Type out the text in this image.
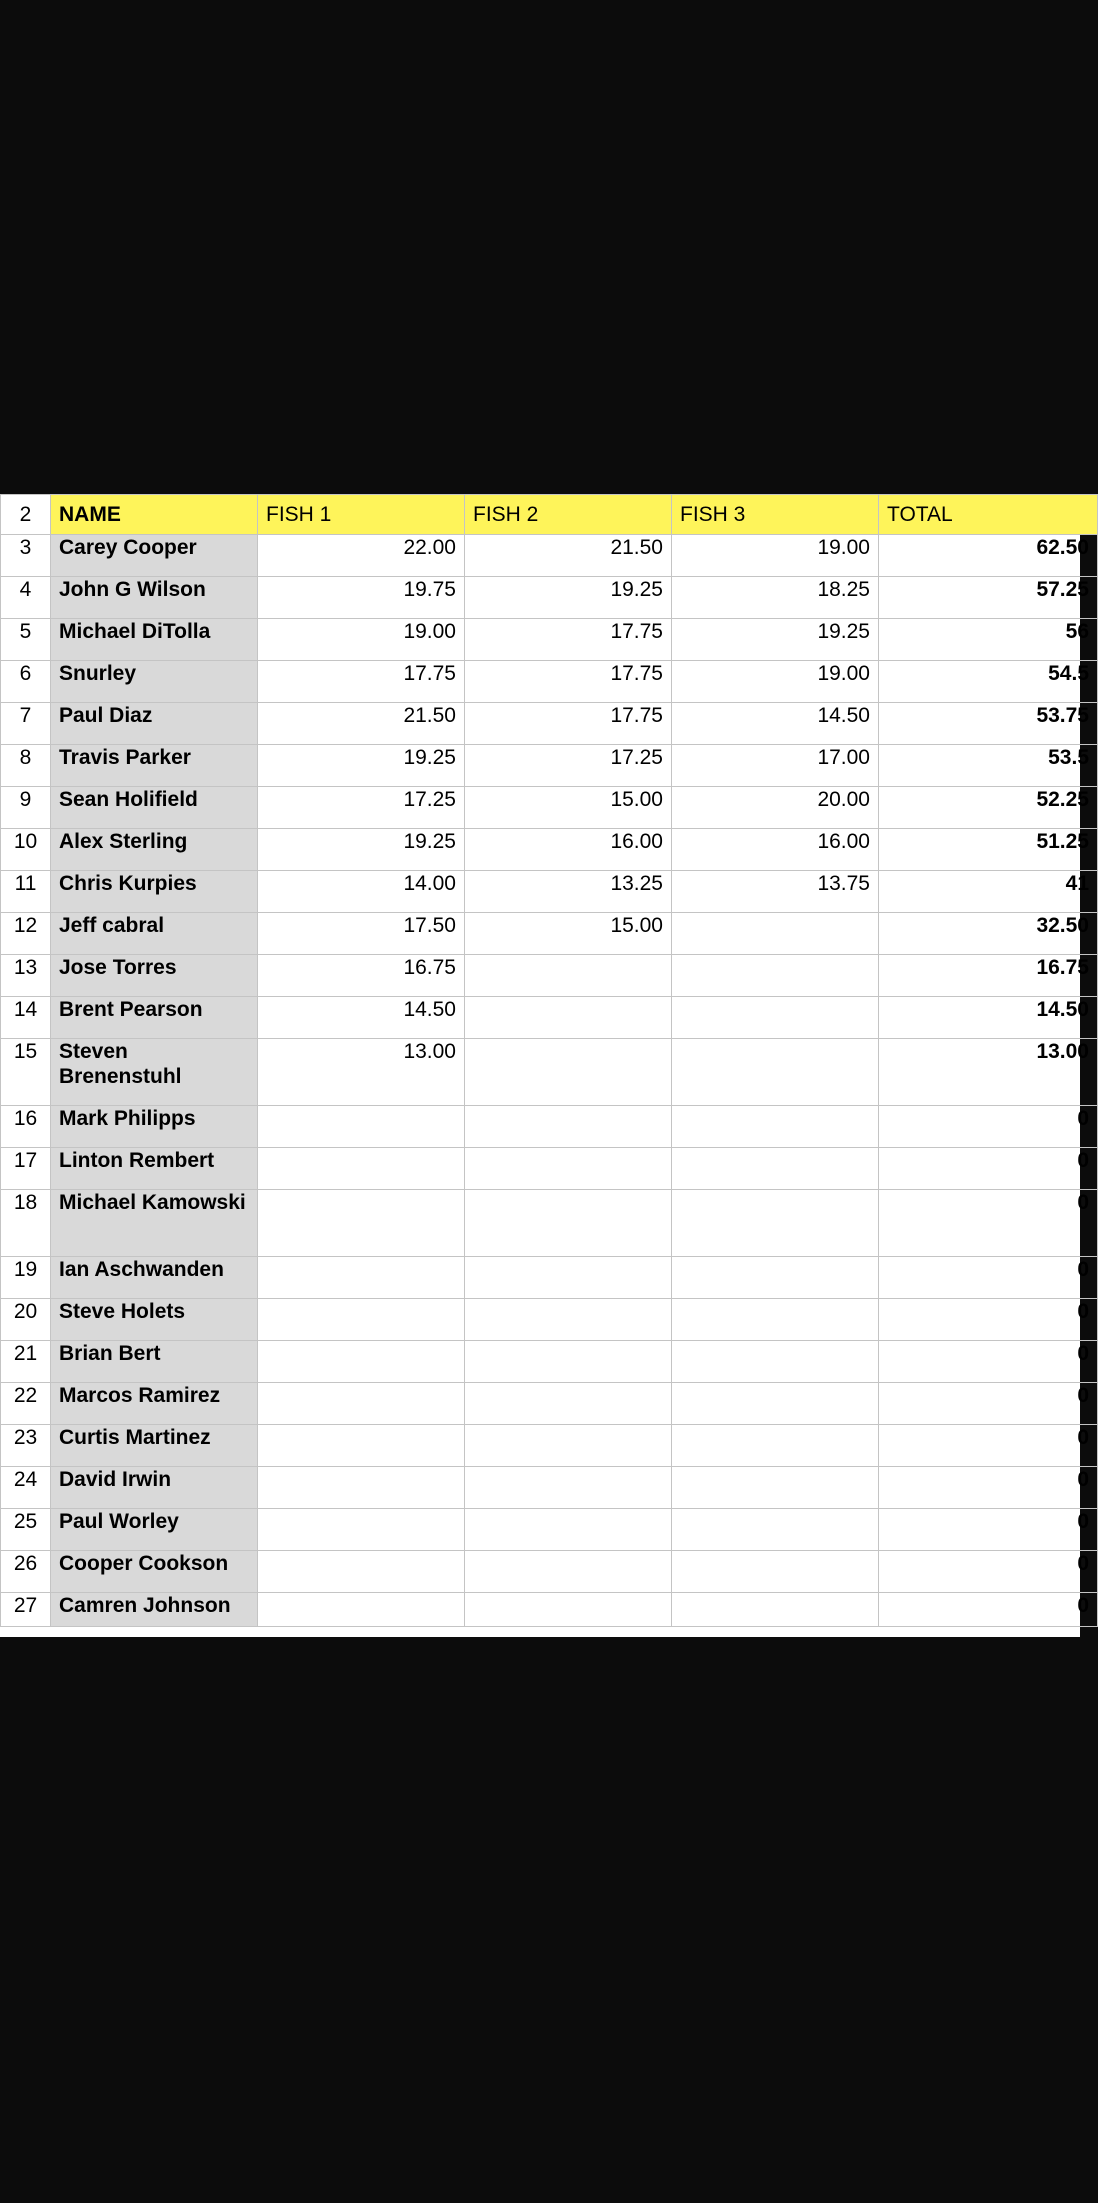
2	NAME	FISH 1	FISH 2	FISH 3	TOTAL
3	Carey Cooper	22.00	21.50	19.00	62.50
4	John G Wilson	19.75	19.25	18.25	57.25
5	Michael DiTolla	19.00	17.75	19.25	56
6	Snurley	17.75	17.75	19.00	54.5
7	Paul Diaz	21.50	17.75	14.50	53.75
8	Travis Parker	19.25	17.25	17.00	53.5
9	Sean Holifield	17.25	15.00	20.00	52.25
10	Alex Sterling	19.25	16.00	16.00	51.25
11	Chris Kurpies	14.00	13.25	13.75	41
12	Jeff cabral	17.50	15.00		32.50
13	Jose Torres	16.75			16.75
14	Brent Pearson	14.50			14.50
15	Steven Brenenstuhl	13.00			13.00
16	Mark Philipps				0
17	Linton Rembert				0
18	Michael Kamowski				0
19	Ian Aschwanden				0
20	Steve Holets				0
21	Brian Bert				0
22	Marcos Ramirez				0
23	Curtis Martinez				0
24	David Irwin				0
25	Paul Worley				0
26	Cooper Cookson				0
27	Camren Johnson				0
